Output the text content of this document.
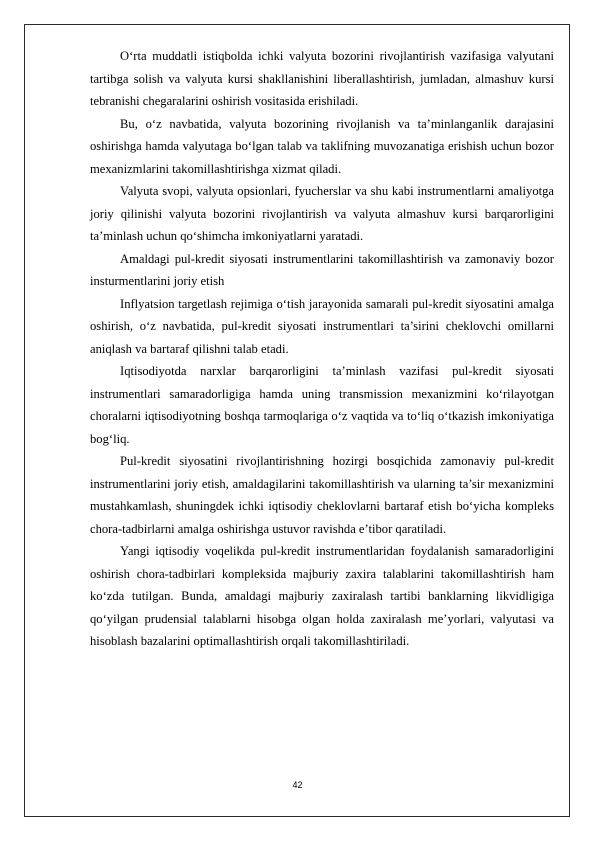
O‘rta muddatli istiqbolda ichki valyuta bozorini rivojlantirish vazifasiga valyutani tartibga solish va valyuta kursi shakllanishini liberallashtirish, jumladan, almashuv kursi tebranishi chegaralarini oshirish vositasida erishiladi.

Bu, o‘z navbatida, valyuta bozorining rivojlanish va ta’minlanganlik darajasini oshirishga hamda valyutaga bo‘lgan talab va taklifning muvozanatiga erishish uchun bozor mexanizmlarini takomillashtirishga xizmat qiladi.

Valyuta svopi, valyuta opsionlari, fyucherslar va shu kabi instrumentlarni amaliyotga joriy qilinishi valyuta bozorini rivojlantirish va valyuta almashuv kursi barqarorligini ta’minlash uchun qo‘shimcha imkoniyatlarni yaratadi.

Amaldagi pul-kredit siyosati instrumentlarini takomillashtirish va zamonaviy bozor insturmentlarini joriy etish

Inflyatsion targetlash rejimiga o‘tish jarayonida samarali pul-kredit siyosatini amalga oshirish, o‘z navbatida, pul-kredit siyosati instrumentlari ta’sirini cheklovchi omillarni aniqlash va bartaraf qilishni talab etadi.

Iqtisodiyotda narxlar barqarorligini ta’minlash vazifasi pul-kredit siyosati instrumentlari samaradorligiga hamda uning transmission mexanizmini ko‘rilayotgan choralarni iqtisodiyotning boshqa tarmoqlariga o‘z vaqtida va to‘liq o‘tkazish imkoniyatiga bog‘liq.

Pul-kredit siyosatini rivojlantirishning hozirgi bosqichida zamonaviy pul-kredit instrumentlarini joriy etish, amaldagilarini takomillashtirish va ularning ta’sir mexanizmini mustahkamlash, shuningdek ichki iqtisodiy cheklovlarni bartaraf etish bo‘yicha kompleks chora-tadbirlarni amalga oshirishga ustuvor ravishda e’tibor qaratiladi.

Yangi iqtisodiy voqelikda pul-kredit instrumentlaridan foydalanish samaradorligini oshirish chora-tadbirlari kompleksida majburiy zaxira talablarini takomillashtirish ham ko‘zda tutilgan. Bunda, amaldagi majburiy zaxiralash tartibi banklarning likvidligiga qo‘yilgan prudensial talablarni hisobga olgan holda zaxiralash me’yorlari, valyutasi va hisoblash bazalarini optimallashtirish orqali takomillashtiriladi.

42
